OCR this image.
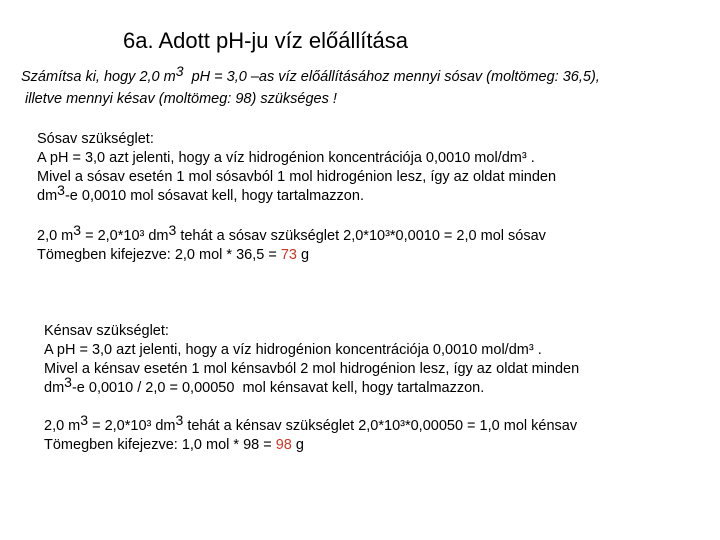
6a. Adott pH-ju víz előállítása
Számítsa ki, hogy 2,0 m3  pH = 3,0 –as víz előállításához mennyi sósav (moltömeg: 36,5),
illetve mennyi késav (moltömeg: 98) szükséges !
Sósav szükséglet:
A pH = 3,0 azt jelenti, hogy a víz hidrogénion koncentrációja 0,0010 mol/dm³ .
Mivel a sósav esetén 1 mol sósavból 1 mol hidrogénion lesz, így az oldat minden
dm3-e 0,0010 mol sósavat kell, hogy tartalmazzon.
2,0 m3 = 2,0*10³ dm3 tehát a sósav szükséglet 2,0*10³*0,0010 = 2,0 mol sósav
Tömegben kifejezve: 2,0 mol * 36,5 = 73 g
Kénsav szükséglet:
A pH = 3,0 azt jelenti, hogy a víz hidrogénion koncentrációja 0,0010 mol/dm³ .
Mivel a kénsav esetén 1 mol kénsavból 2 mol hidrogénion lesz, így az oldat minden
dm3-e 0,0010 / 2,0 = 0,00050  mol kénsavat kell, hogy tartalmazzon.
2,0 m3 = 2,0*10³ dm3 tehát a kénsav szükséglet 2,0*10³*0,00050 = 1,0 mol kénsav
Tömegben kifejezve: 1,0 mol * 98 = 98 g
